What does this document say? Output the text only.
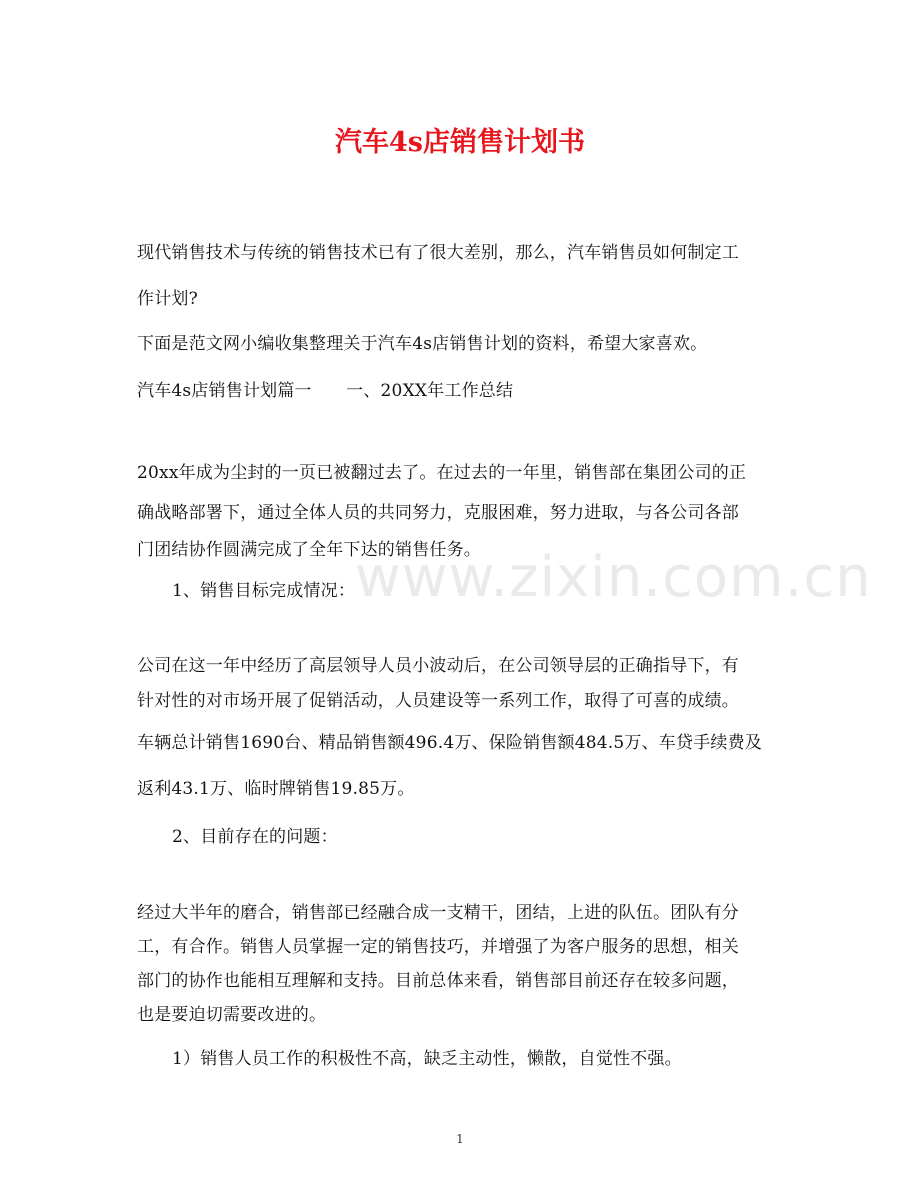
汽车4s店销售计划书
现代销售技术与传统的销售技术已有了很大差别，那么，汽车销售员如何制定工
作计划?
下面是范文网小编收集整理关于汽车4s店销售计划的资料，希望大家喜欢。
汽车4s店销售计划篇一　　一、20XX年工作总结
20xx年成为尘封的一页已被翻过去了。在过去的一年里，销售部在集团公司的正
确战略部署下，通过全体人员的共同努力，克服困难，努力进取，与各公司各部
门团结协作圆满完成了全年下达的销售任务。
1、销售目标完成情况：
公司在这一年中经历了高层领导人员小波动后，在公司领导层的正确指导下，有
针对性的对市场开展了促销活动，人员建设等一系列工作，取得了可喜的成绩。
车辆总计销售1690台、精品销售额496.4万、保险销售额484.5万、车贷手续费及
返利43.1万、临时牌销售19.85万。
2、目前存在的问题：
经过大半年的磨合，销售部已经融合成一支精干，团结，上进的队伍。团队有分
工，有合作。销售人员掌握一定的销售技巧，并增强了为客户服务的思想，相关
部门的协作也能相互理解和支持。目前总体来看，销售部目前还存在较多问题，
也是要迫切需要改进的。
1）销售人员工作的积极性不高，缺乏主动性，懒散，自觉性不强。
www.zixin.com.cn
1
